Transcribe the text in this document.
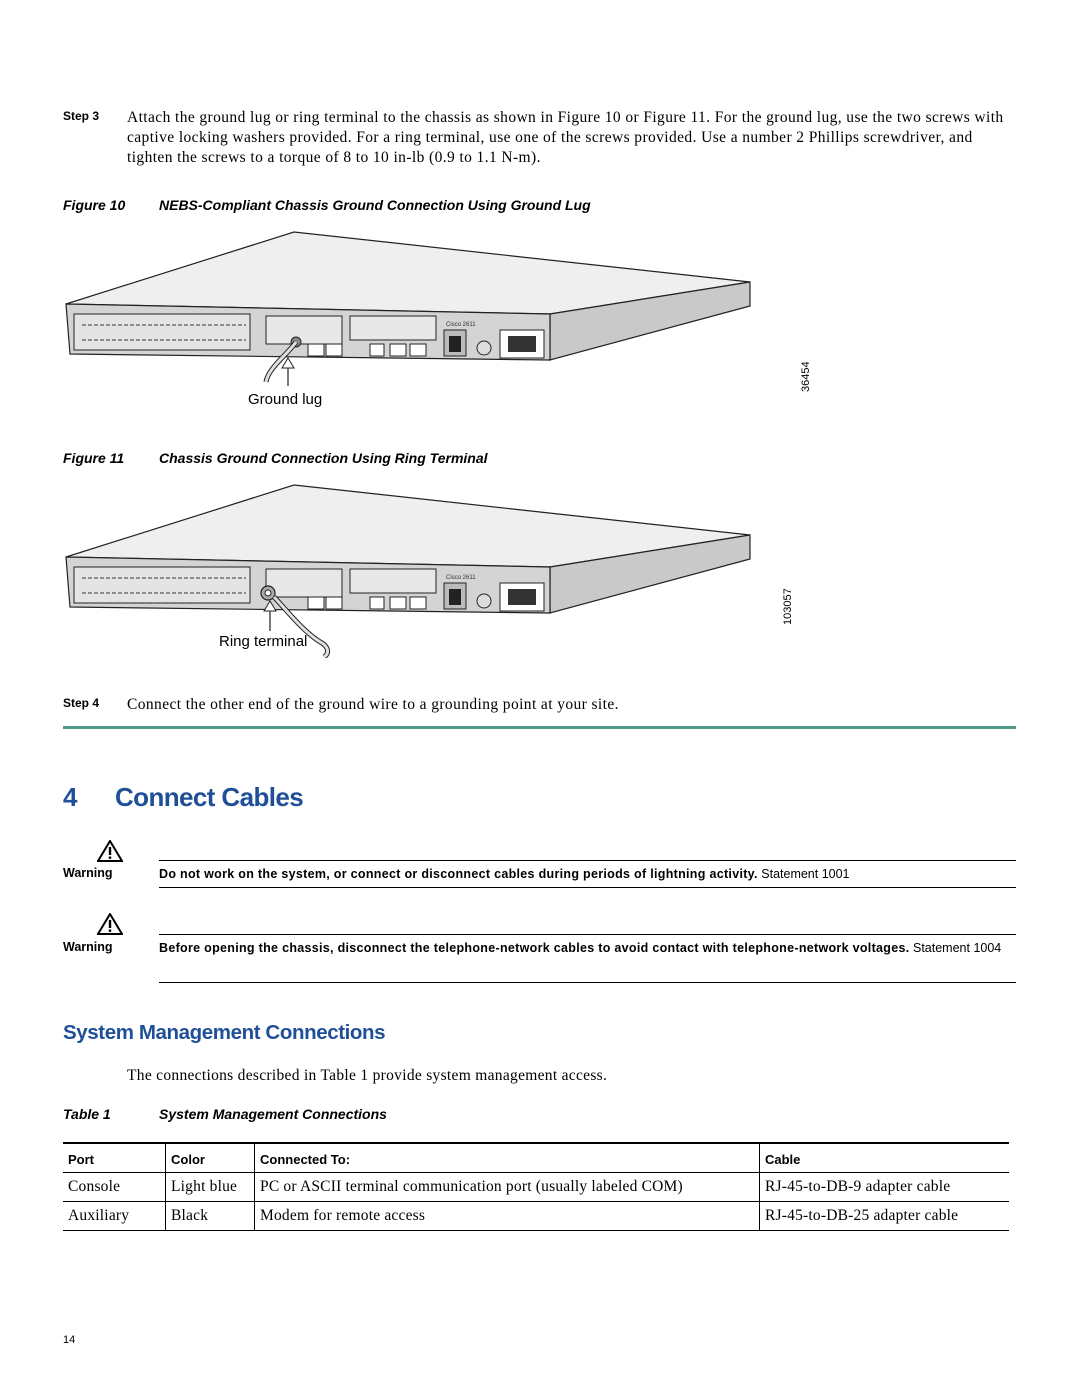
Step 3 Attach the ground lug or ring terminal to the chassis as shown in Figure 10 or Figure 11. For the ground lug, use the two screws with captive locking washers provided. For a ring terminal, use one of the screws provided. Use a number 2 Phillips screwdriver, and tighten the screws to a torque of 8 to 10 in-lb (0.9 to 1.1 N-m).
Figure 10 NEBS-Compliant Chassis Ground Connection Using Ground Lug
Cisco 2611
Ground lug
36454
Figure 11 Chassis Ground Connection Using Ring Terminal
Cisco 2611
Ring terminal
103057
Step 4 Connect the other end of the ground wire to a grounding point at your site.
4 Connect Cables
Warning	Do not work on the system, or connect or disconnect cables during periods of lightning activity. Statement 1001
Warning	Before opening the chassis, disconnect the telephone-network cables to avoid contact with telephone-network voltages. Statement 1004
System Management Connections
The connections described in Table 1 provide system management access.
Table 1	System Management Connections
Port	Color	Connected To:	Cable
Console	Light blue	PC or ASCII terminal communication port (usually labeled COM)	RJ-45-to-DB-9 adapter cable
Auxiliary	Black	Modem for remote access	RJ-45-to-DB-25 adapter cable
14
